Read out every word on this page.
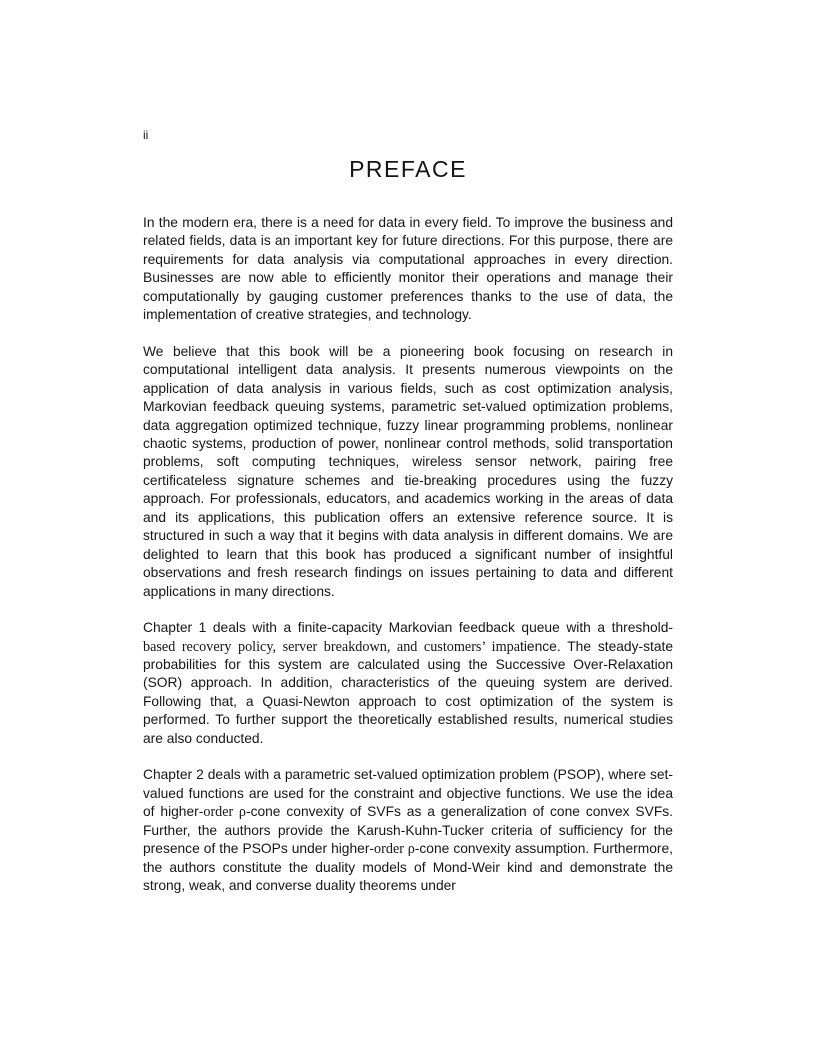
ii
PREFACE

In the modern era, there is a need for data in every field. To improve the business and related fields, data is an important key for future directions. For this purpose, there are requirements for data analysis via computational approaches in every direction. Businesses are now able to efficiently monitor their operations and manage their computationally by gauging customer preferences thanks to the use of data, the implementation of creative strategies, and technology.

We believe that this book will be a pioneering book focusing on research in computational intelligent data analysis. It presents numerous viewpoints on the application of data analysis in various fields, such as cost optimization analysis, Markovian feedback queuing systems, parametric set-valued optimization problems, data aggregation optimized technique, fuzzy linear programming problems, nonlinear chaotic systems, production of power, nonlinear control methods, solid transportation problems, soft computing techniques, wireless sensor network, pairing free certificateless signature schemes and tie-breaking procedures using the fuzzy approach. For professionals, educators, and academics working in the areas of data and its applications, this publication offers an extensive reference source. It is structured in such a way that it begins with data analysis in different domains. We are delighted to learn that this book has produced a significant number of insightful observations and fresh research findings on issues pertaining to data and different applications in many directions.

Chapter 1 deals with a finite-capacity Markovian feedback queue with a threshold-based recovery policy, server breakdown, and customers’ impatience. The steady-state probabilities for this system are calculated using the Successive Over-Relaxation (SOR) approach. In addition, characteristics of the queuing system are derived. Following that, a Quasi-Newton approach to cost optimization of the system is performed. To further support the theoretically established results, numerical studies are also conducted.

Chapter 2 deals with a parametric set-valued optimization problem (PSOP), where set-valued functions are used for the constraint and objective functions. We use the idea of higher-order ρ-cone convexity of SVFs as a generalization of cone convex SVFs. Further, the authors provide the Karush-Kuhn-Tucker criteria of sufficiency for the presence of the PSOPs under higher-order ρ-cone convexity assumption. Furthermore, the authors constitute the duality models of Mond-Weir kind and demonstrate the strong, weak, and converse duality theorems under
